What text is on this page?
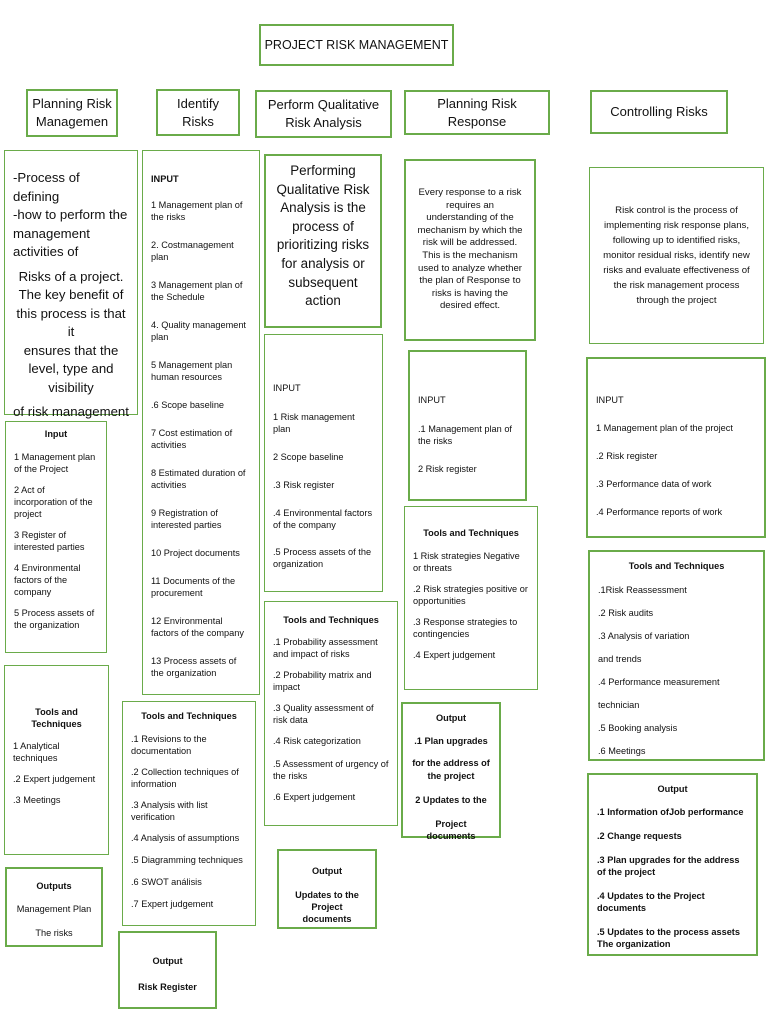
PROJECT RISK MANAGEMENT
Planning Risk Managemen
Identify Risks
Perform Qualitative Risk Analysis
Planning Risk Response
Controlling Risks

-Process of defining

-how to perform the

management

activities of

Risks of a project.

The key benefit of

this process is that it

ensures that the

level, type and

visibility

of risk management

Input

1 Management plan of the Project

2 Act of incorporation of the project

3 Register of interested parties

4 Environmental factors of the company

5 Process assets of the organization

Tools and Techniques

1 Analytical techniques

.2 Expert judgement

.3 Meetings

Outputs

Management Plan

The risks

INPUT

1 Management plan of the risks

2. Costmanagement plan

3 Management plan of the Schedule

4. Quality management plan

5 Management plan human resources

.6 Scope baseline

7 Cost estimation of activities

8 Estimated duration of activities

9 Registration of interested parties

10 Project documents

11 Documents of the procurement

12 Environmental factors of the company

13 Process assets of the organization

Tools and Techniques

.1 Revisions to the documentation

.2 Collection techniques of information

.3 Analysis with list verification

.4 Analysis of assumptions

.5 Diagramming techniques

.6 SWOT análisis

.7 Expert judgement

Output

Risk Register

Performing

Qualitative Risk

Analysis is the

process of

prioritizing risks

for analysis or

subsequent

action

INPUT

1 Risk management plan

2 Scope baseline

.3 Risk register

.4 Environmental factors of the company

.5 Process assets of the organization

Tools and Techniques

.1 Probability assessment and impact of risks

.2 Probability matrix and impact

.3 Quality assessment of risk data

.4 Risk categorization

.5 Assessment of urgency of the risks

.6 Expert judgement

Output

Updates to the Project documents

Every response to a risk requires an understanding of the mechanism by which the risk will be addressed. This is the mechanism used to analyze whether the plan of Response to risks is having the desired effect.

INPUT

.1 Management plan of the risks

2 Risk register

Tools and Techniques

1 Risk strategies Negative or threats

.2 Risk strategies positive or opportunities

.3 Response strategies to contingencies

.4 Expert judgement

Output

.1 Plan upgrades

for the address of

the project

2 Updates to the

Project documents

Risk control is the process of implementing risk response plans, following up to identified risks, monitor residual risks, identify new risks and evaluate effectiveness of the risk management process through the project

INPUT

1 Management plan of the project

.2 Risk register

.3 Performance data of work

.4 Performance reports of work

Tools and Techniques

.1Risk Reassessment

.2 Risk audits

.3 Analysis of variation

and trends

.4 Performance measurement

technician

.5 Booking analysis

.6 Meetings

Output

.1 Information ofJob performance

.2 Change requests

.3 Plan upgrades for the address of the project

.4 Updates to the Project documents

.5 Updates to the process assets The organization
